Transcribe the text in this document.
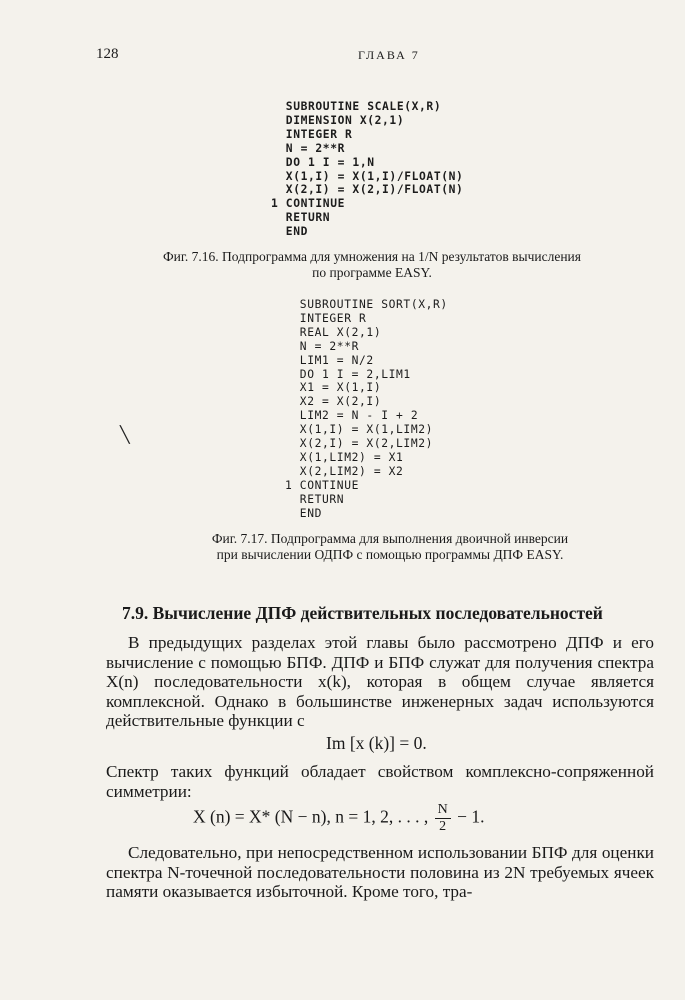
128	ГЛАВА 7
SUBROUTINE SCALE(X,R)
DIMENSION X(2,1)
INTEGER R
N = 2**R
DO 1 I = 1,N
X(1,I) = X(1,I)/FLOAT(N)
X(2,I) = X(2,I)/FLOAT(N)
1 CONTINUE
RETURN
END
Фиг. 7.16. Подпрограмма для умножения на 1/N результатов вычисления
по программе EASY.
╲
SUBROUTINE SORT(X,R)
INTEGER R
REAL X(2,1)
N = 2**R
LIM1 = N/2
DO 1 I = 2,LIM1
X1 = X(1,I)
X2 = X(2,I)
LIM2 = N - I + 2
X(1,I) = X(1,LIM2)
X(2,I) = X(2,LIM2)
X(1,LIM2) = X1
X(2,LIM2) = X2
1 CONTINUE
RETURN
END
Фиг. 7.17. Подпрограмма для выполнения двоичной инверсии
при вычислении ОДПФ с помощью программы ДПФ EASY.
7.9. Вычисление ДПФ действительных последовательностей

В предыдущих разделах этой главы было рассмотрено ДПФ и его вычисление с помощью БПФ. ДПФ и БПФ служат для получения спектра X(n) последовательности x(k), которая в общем случае является комплексной. Однако в большинстве инженерных задач используются действительные функции с

Im [x (k)] = 0.

Спектр таких функций обладает свойством комплексно-сопряженной симметрии:

X (n) = X* (N − n), n = 1, 2, . . . , $\frac{N}{2} - 1$.

Следовательно, при непосредственном использовании БПФ для оценки спектра N-точечной последовательности половина из 2N требуемых ячеек памяти оказывается избыточной. Кроме того, тра-
